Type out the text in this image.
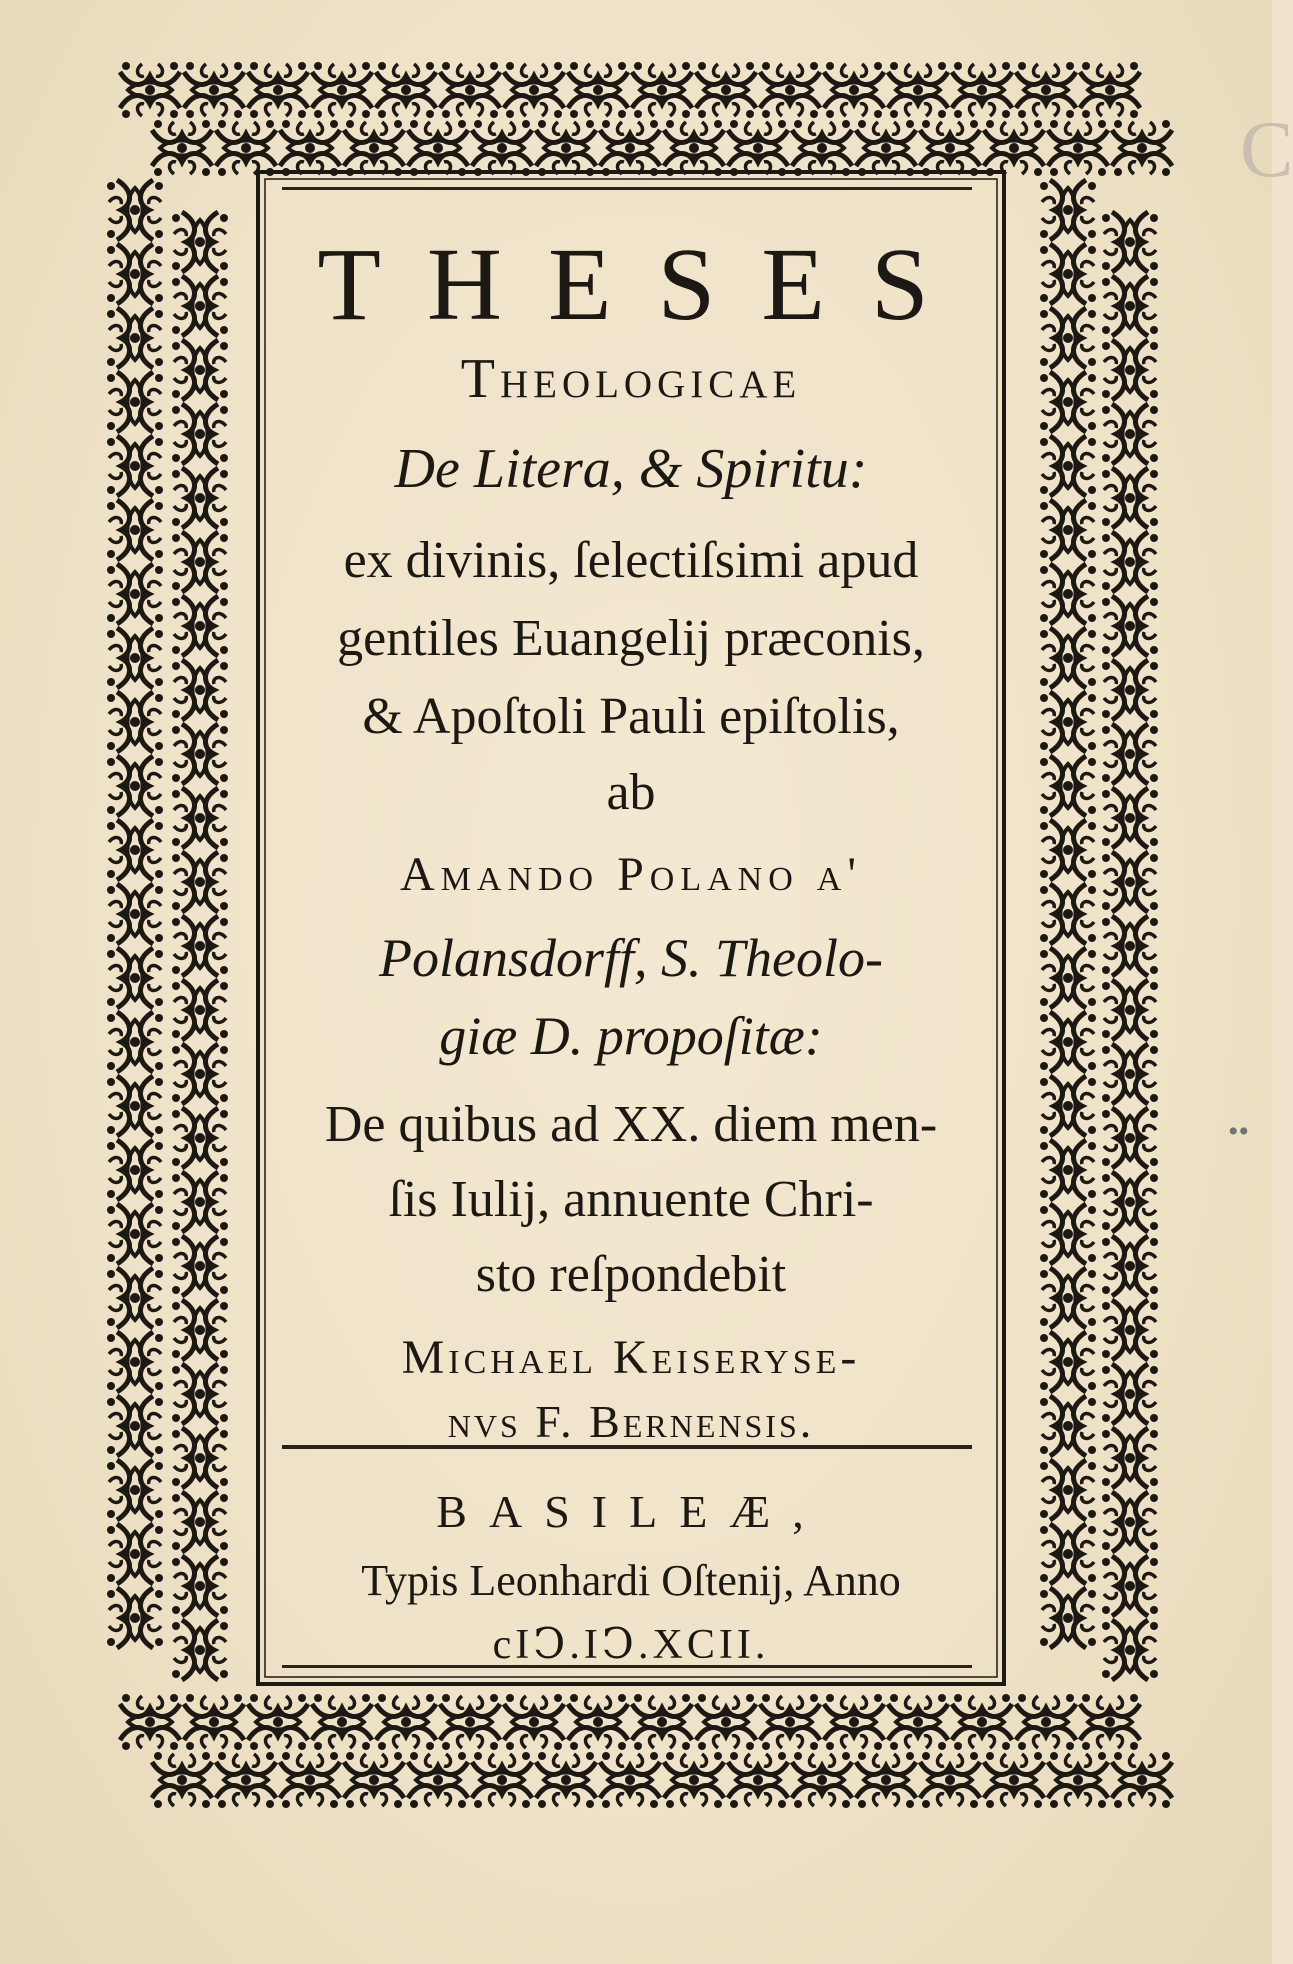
THESES
Theologicae
De Litera, & Spiritu:
ex divinis, ſelectiſsimi apud
gentiles Euangelij præconis,
& Apoſtoli Pauli epiſtolis,
ab
Amando Polano a'
Polansdorff, S. Theolo-
giæ D. propoſitæ:
De quibus ad XX. diem men-
ſis Iulij, annuente Chri-
sto reſpondebit
Michael Keiseryse-
nvs F. Bernenſis.
BASILEÆ,
Typis Leonhardi Oſtenij, Anno
cIↃ.IↃ.XCII.
C
••
